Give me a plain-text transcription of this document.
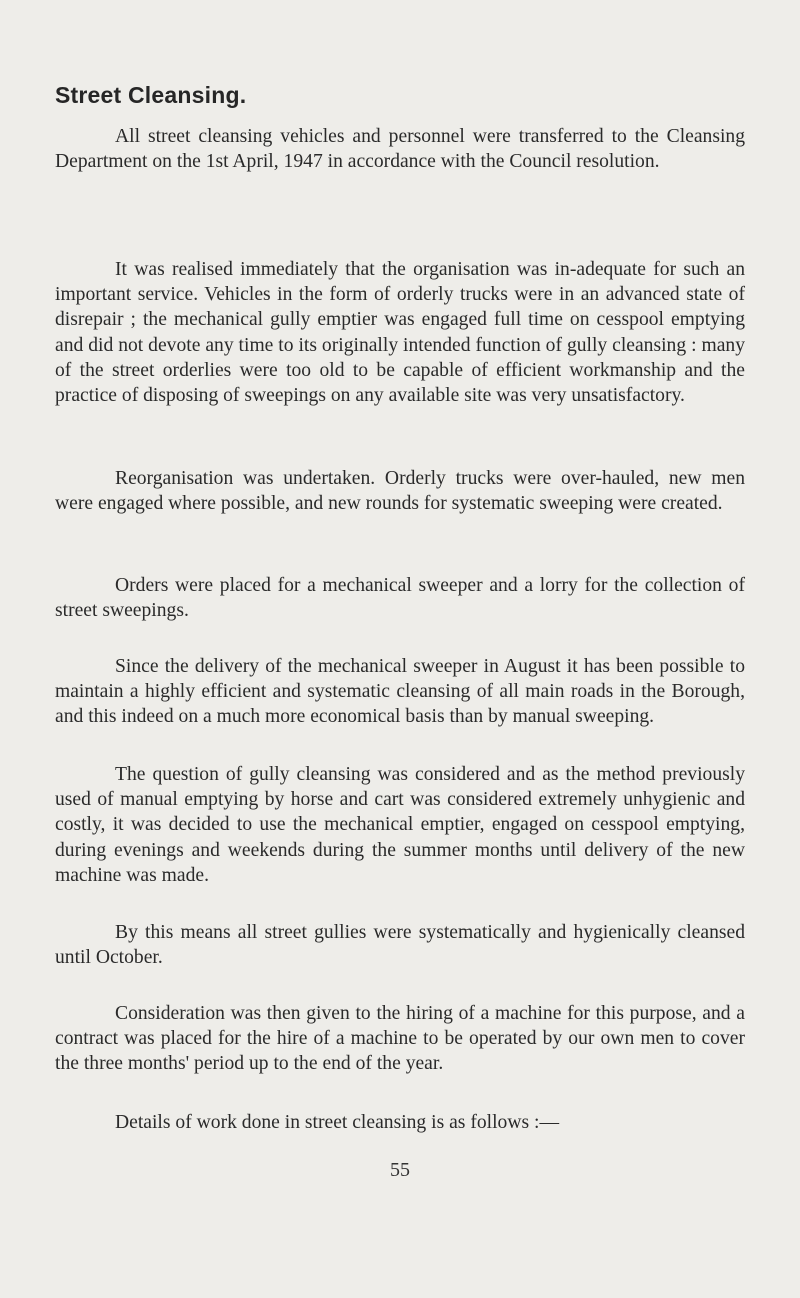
Street Cleansing.

All street cleansing vehicles and personnel were transferred to the Cleansing Department on the 1st April, 1947 in accordance with the Council resolution.

It was realised immediately that the organisation was in-adequate for such an important service. Vehicles in the form of orderly trucks were in an advanced state of disrepair ; the mechanical gully emptier was engaged full time on cesspool emptying and did not devote any time to its originally intended function of gully cleansing : many of the street orderlies were too old to be capable of efficient workmanship and the practice of disposing of sweepings on any available site was very unsatisfactory.

Reorganisation was undertaken. Orderly trucks were over-hauled, new men were engaged where possible, and new rounds for systematic sweeping were created.

Orders were placed for a mechanical sweeper and a lorry for the collection of street sweepings.

Since the delivery of the mechanical sweeper in August it has been possible to maintain a highly efficient and systematic cleansing of all main roads in the Borough, and this indeed on a much more economical basis than by manual sweeping.

The question of gully cleansing was considered and as the method previously used of manual emptying by horse and cart was considered extremely unhygienic and costly, it was decided to use the mechanical emptier, engaged on cesspool emptying, during evenings and weekends during the summer months until delivery of the new machine was made.

By this means all street gullies were systematically and hygienically cleansed until October.

Consideration was then given to the hiring of a machine for this purpose, and a contract was placed for the hire of a machine to be operated by our own men to cover the three months' period up to the end of the year.

Details of work done in street cleansing is as follows :—

55
